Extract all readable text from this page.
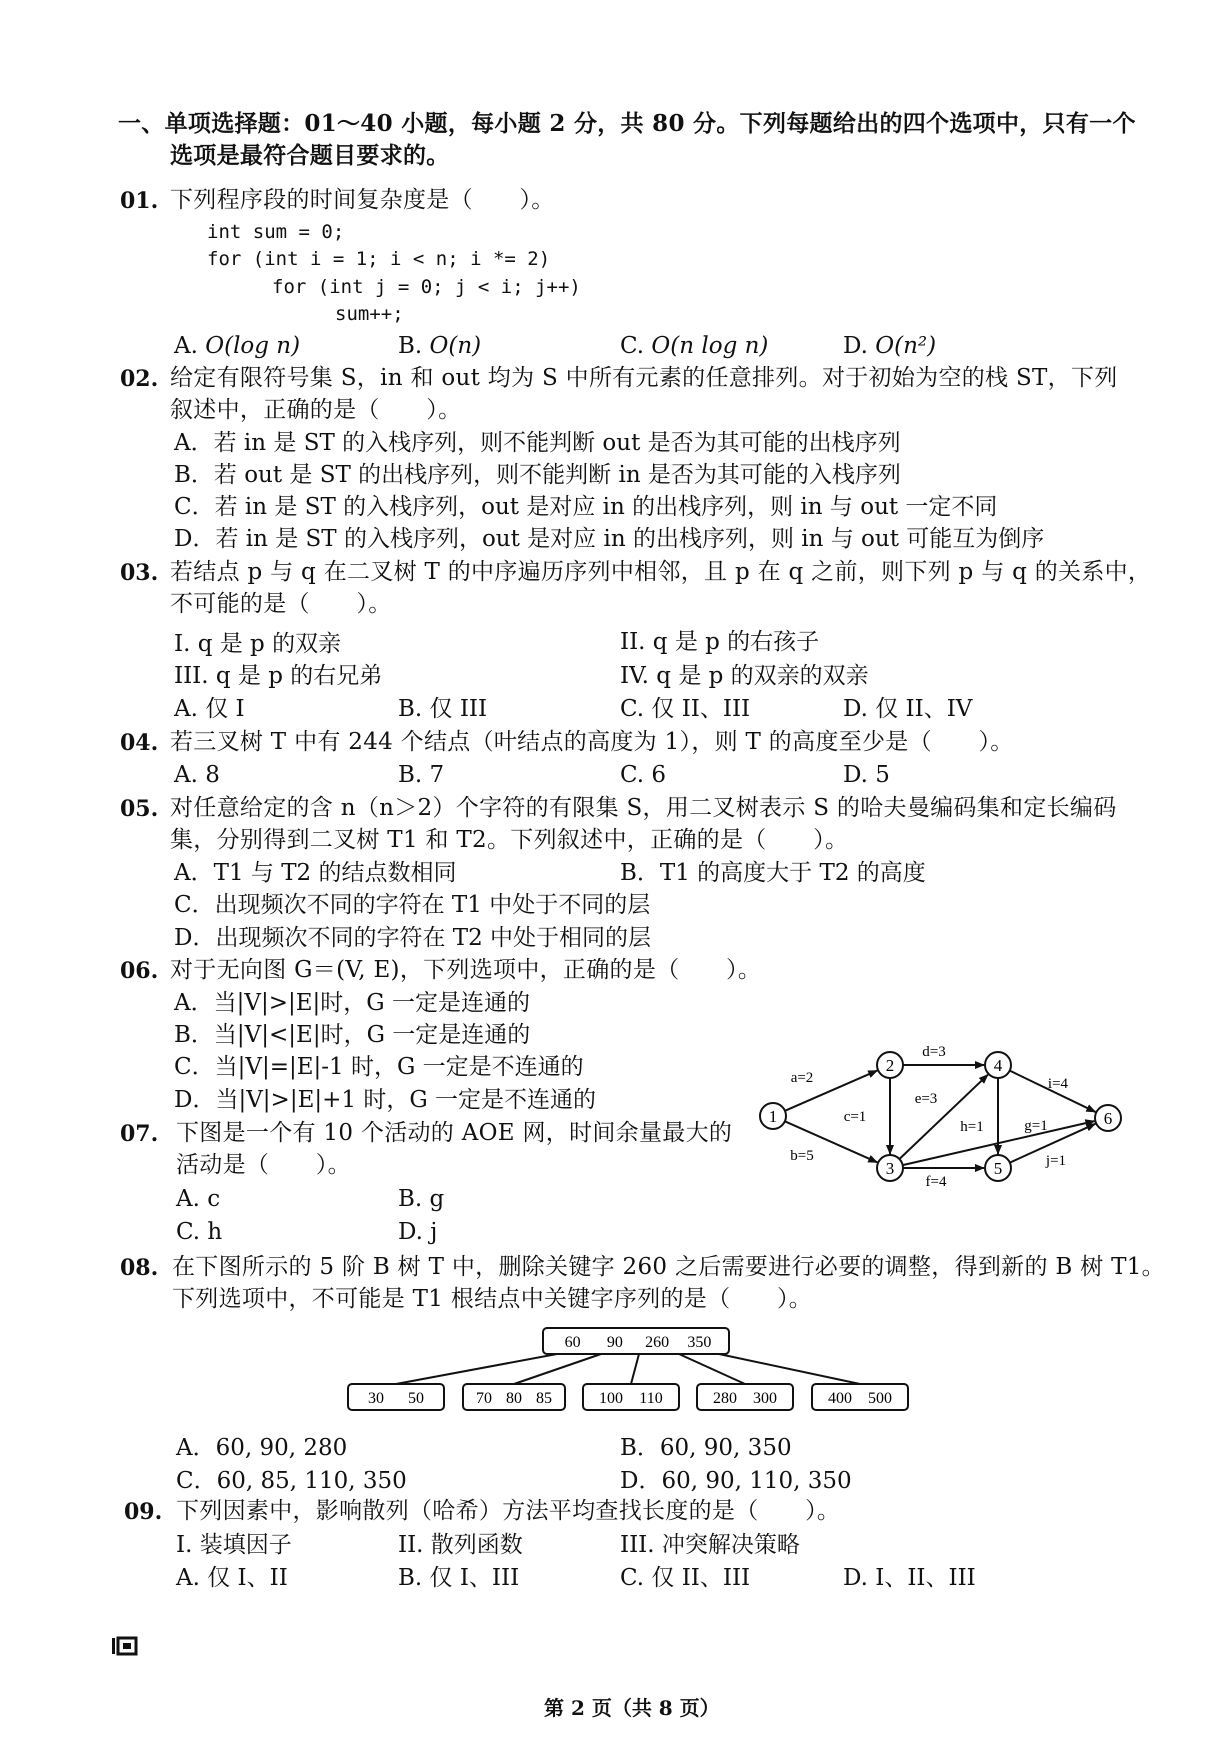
一、单项选择题：01～40 小题，每小题 2 分，共 80 分。下列每题给出的四个选项中，只有一个
选项是最符合题目要求的。
01. 下列程序段的时间复杂度是（　　）。
int sum = 0;
for (int i = 1; i < n; i *= 2)
for (int j = 0; j < i; j++)
sum++;
A. O(log n)	B. O(n)	C. O(n log n)	D. O(n²)
02. 给定有限符号集 S，in 和 out 均为 S 中所有元素的任意排列。对于初始为空的栈 ST，下列
叙述中，正确的是（　　）。
A．若 in 是 ST 的入栈序列，则不能判断 out 是否为其可能的出栈序列
B．若 out 是 ST 的出栈序列，则不能判断 in 是否为其可能的入栈序列
C．若 in 是 ST 的入栈序列，out 是对应 in 的出栈序列，则 in 与 out 一定不同
D．若 in 是 ST 的入栈序列，out 是对应 in 的出栈序列，则 in 与 out 可能互为倒序
03. 若结点 p 与 q 在二叉树 T 的中序遍历序列中相邻，且 p 在 q 之前，则下列 p 与 q 的关系中，
不可能的是（　　）。
I. q 是 p 的双亲	II. q 是 p 的右孩子
III. q 是 p 的右兄弟	IV. q 是 p 的双亲的双亲
A. 仅 I	B. 仅 III	C. 仅 II、III	D. 仅 II、IV
04. 若三叉树 T 中有 244 个结点（叶结点的高度为 1），则 T 的高度至少是（　　）。
A. 8	B. 7	C. 6	D. 5
05. 对任意给定的含 n（n＞2）个字符的有限集 S，用二叉树表示 S 的哈夫曼编码集和定长编码
集，分别得到二叉树 T1 和 T2。下列叙述中，正确的是（　　）。
A．T1 与 T2 的结点数相同	B．T1 的高度大于 T2 的高度
C．出现频次不同的字符在 T1 中处于不同的层
D．出现频次不同的字符在 T2 中处于相同的层
06. 对于无向图 G＝(V, E)，下列选项中，正确的是（　　）。
A．当|V|>|E|时，G 一定是连通的
B．当|V|<|E|时，G 一定是连通的
C．当|V|=|E|-1 时，G 一定是不连通的
D．当|V|>|E|+1 时，G 一定是不连通的
07. 下图是一个有 10 个活动的 AOE 网，时间余量最大的
活动是（　　）。
A. c	B. g
C. h	D. j
1
2
3
4
5
6
a=2
b=5
c=1
d=3
e=3
f=4
h=1	g=1
i=4
j=1
08. 在下图所示的 5 阶 B 树 T 中，删除关键字 260 之后需要进行必要的调整，得到新的 B 树 T1。
下列选项中，不可能是 T1 根结点中关键字序列的是（　　）。
60 90 260 350
30 50	70 80 85	100 110	280 300	400 500
A．60, 90, 280	B．60, 90, 350
C．60, 85, 110, 350	D．60, 90, 110, 350
09. 下列因素中，影响散列（哈希）方法平均查找长度的是（　　）。
I. 装填因子	II. 散列函数	III. 冲突解决策略
A. 仅 I、II	B. 仅 I、III	C. 仅 II、III	D. I、II、III
第 2 页（共 8 页）
